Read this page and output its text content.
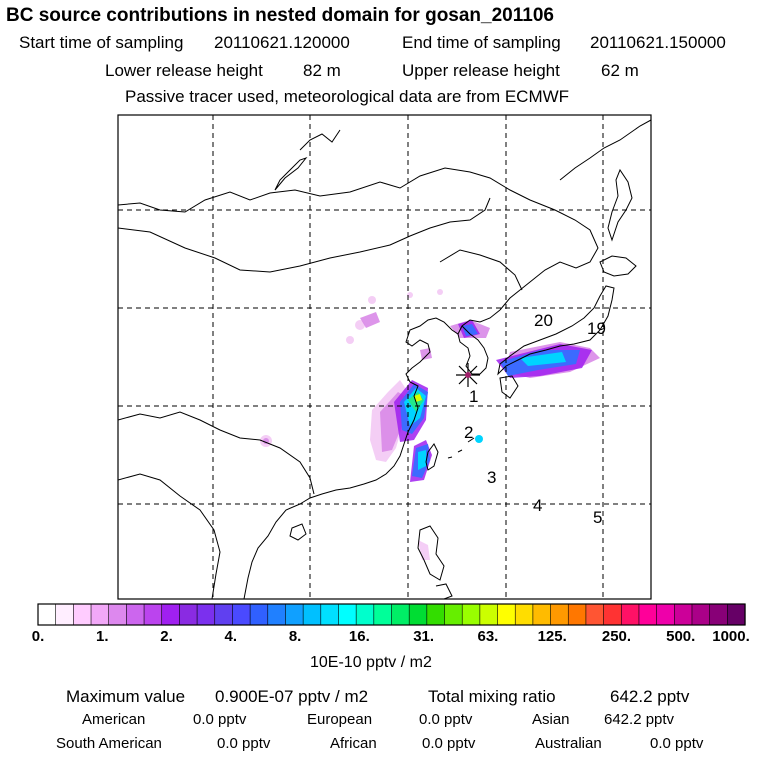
BC source contributions in nested domain for gosan_201106
Start time of sampling 20110621.120000	End time of sampling 20110621.150000
Lower release height 82 m	Upper release height 62 m
Passive tracer used, meteorological data are from ECMWF
20 19
1
2
3
4
5
0.	1.	2.	4.	8.	16.	31.	63.	125. 250. 500. 1000.
10E-10 pptv / m2
Maximum value 0.900E-07 pptv / m2	Total mixing ratio	642.2 pptv
American	0.0 pptv	European	0.0 pptv	Asian 642.2 pptv
South American	0.0 pptv	African	0.0 pptv	Australian	0.0 pptv
